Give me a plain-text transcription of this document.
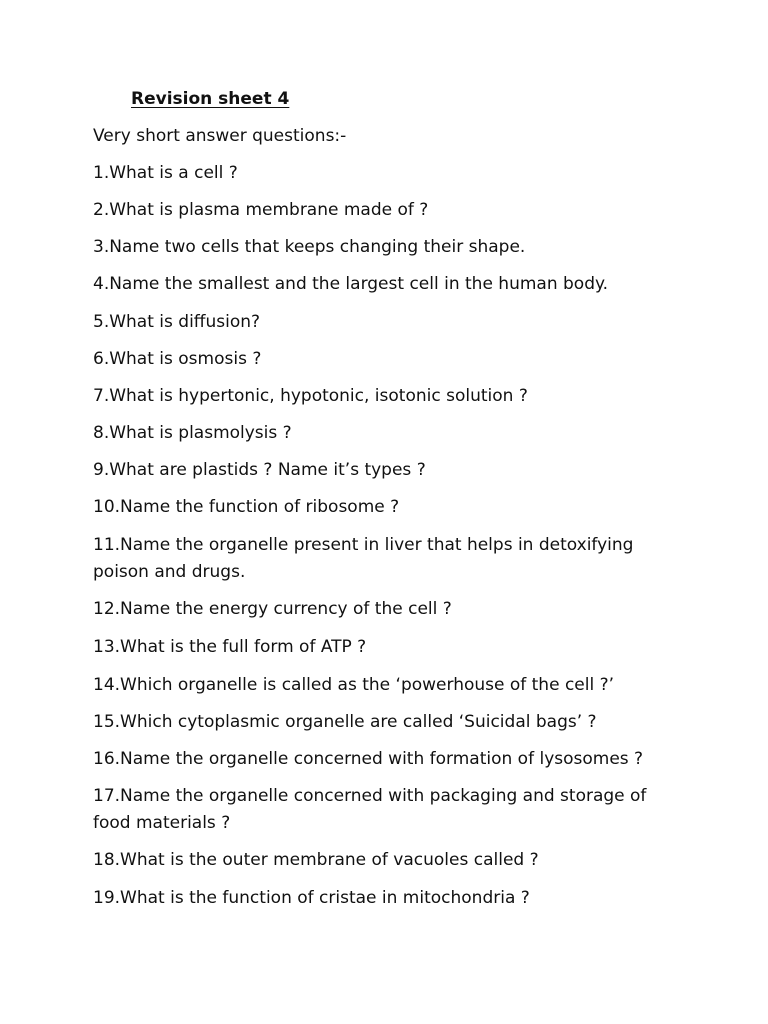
Revision sheet 4

Very short answer questions:-

1.What is a cell ?

2.What is plasma membrane made of ?

3.Name two cells that keeps changing their shape.

4.Name the smallest and the largest cell in the human body.

5.What is diffusion?

6.What is osmosis ?

7.What is hypertonic, hypotonic, isotonic solution ?

8.What is plasmolysis ?

9.What are plastids ? Name it’s types ?

10.Name the function of ribosome ?

11.Name the organelle present in liver that helps in detoxifying poison and drugs.

12.Name the energy currency of the cell ?

13.What is the full form of ATP ?

14.Which organelle is called as the ‘powerhouse of the cell ?’

15.Which cytoplasmic organelle are called ‘Suicidal bags’ ?

16.Name the organelle concerned with formation of lysosomes ?

17.Name the organelle concerned with packaging and storage of food materials ?

18.What is the outer membrane of vacuoles called ?

19.What is the function of cristae in mitochondria ?
